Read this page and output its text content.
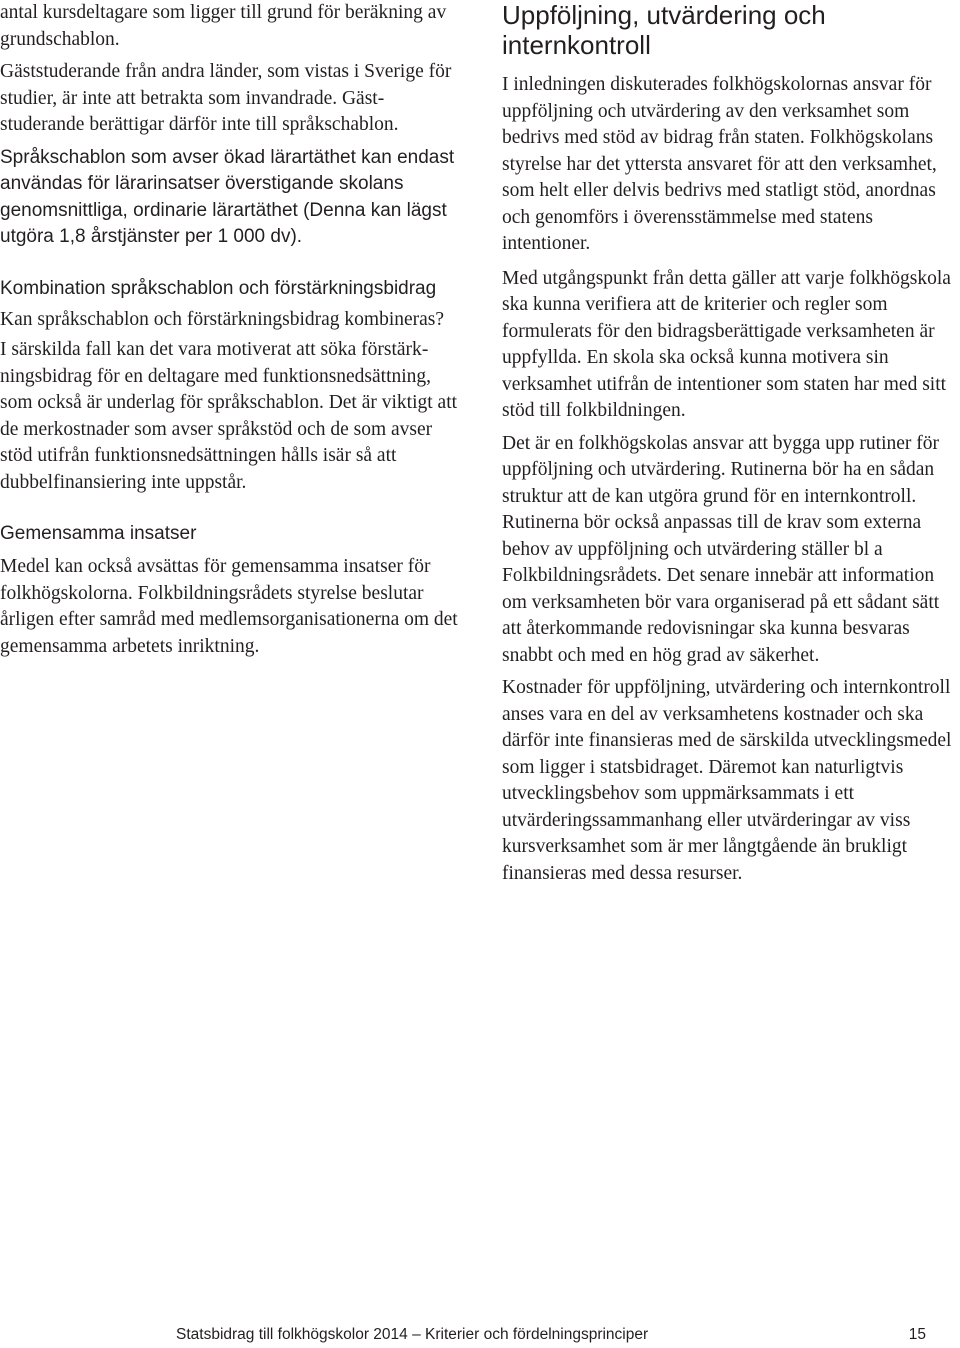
antal kursdeltagare som ligger till grund för beräkning av grundschablon.

Gäststuderande från andra länder, som vistas i Sverige för studier, är inte att betrakta som invandrade. Gäststuderande berättigar därför inte till språkschablon.

Språkschablon som avser ökad lärartäthet kan endast användas för lärarinsatser överstigande skolans genomsnittliga, ordinarie lärartäthet (Denna kan lägst utgöra 1,8 årstjänster per 1 000 dv).

Kombination språkschablon och förstärkningsbidrag

Kan språkschablon och förstärkningsbidrag kombineras?

I särskilda fall kan det vara motiverat att söka förstärkningsbidrag för en deltagare med funktionsnedsättning, som också är underlag för språkschablon. Det är viktigt att de merkostnader som avser språkstöd och de som avser stöd utifrån funktionsnedsättningen hålls isär så att dubbelfinansiering inte uppstår.

Gemensamma insatser

Medel kan också avsättas för gemensamma insatser för folkhögskolorna. Folkbildningsrådets styrelse beslutar årligen efter samråd med medlemsorganisationerna om det gemensamma arbetets inriktning.

Uppföljning, utvärdering och internkontroll

I inledningen diskuterades folkhögskolornas ansvar för uppföljning och utvärdering av den verksamhet som bedrivs med stöd av bidrag från staten. Folkhögskolans styrelse har det yttersta ansvaret för att den verksamhet, som helt eller delvis bedrivs med statligt stöd, anordnas och genomförs i överensstämmelse med statens intentioner.

Med utgångspunkt från detta gäller att varje folkhögskola ska kunna verifiera att de kriterier och regler som formulerats för den bidragsberättigade verksamheten är uppfyllda. En skola ska också kunna motivera sin verksamhet utifrån de intentioner som staten har med sitt stöd till folkbildningen.

Det är en folkhögskolas ansvar att bygga upp rutiner för uppföljning och utvärdering. Rutinerna bör ha en sådan struktur att de kan utgöra grund för en internkontroll. Rutinerna bör också anpassas till de krav som externa behov av uppföljning och utvärdering ställer bl a Folkbildningsrådets. Det senare innebär att information om verksamheten bör vara organiserad på ett sådant sätt att återkommande redovisningar ska kunna besvaras snabbt och med en hög grad av säkerhet.

Kostnader för uppföljning, utvärdering och internkontroll anses vara en del av verksamhetens kostnader och ska därför inte finansieras med de särskilda utvecklingsmedel som ligger i statsbidraget. Däremot kan naturligtvis utvecklingsbehov som uppmärksammats i ett utvärderingssammanhang eller utvärderingar av viss kursverksamhet som är mer långtgående än brukligt finansieras med dessa resurser.

Statsbidrag till folkhögskolor 2014 – Kriterier och fördelningsprinciper	15
